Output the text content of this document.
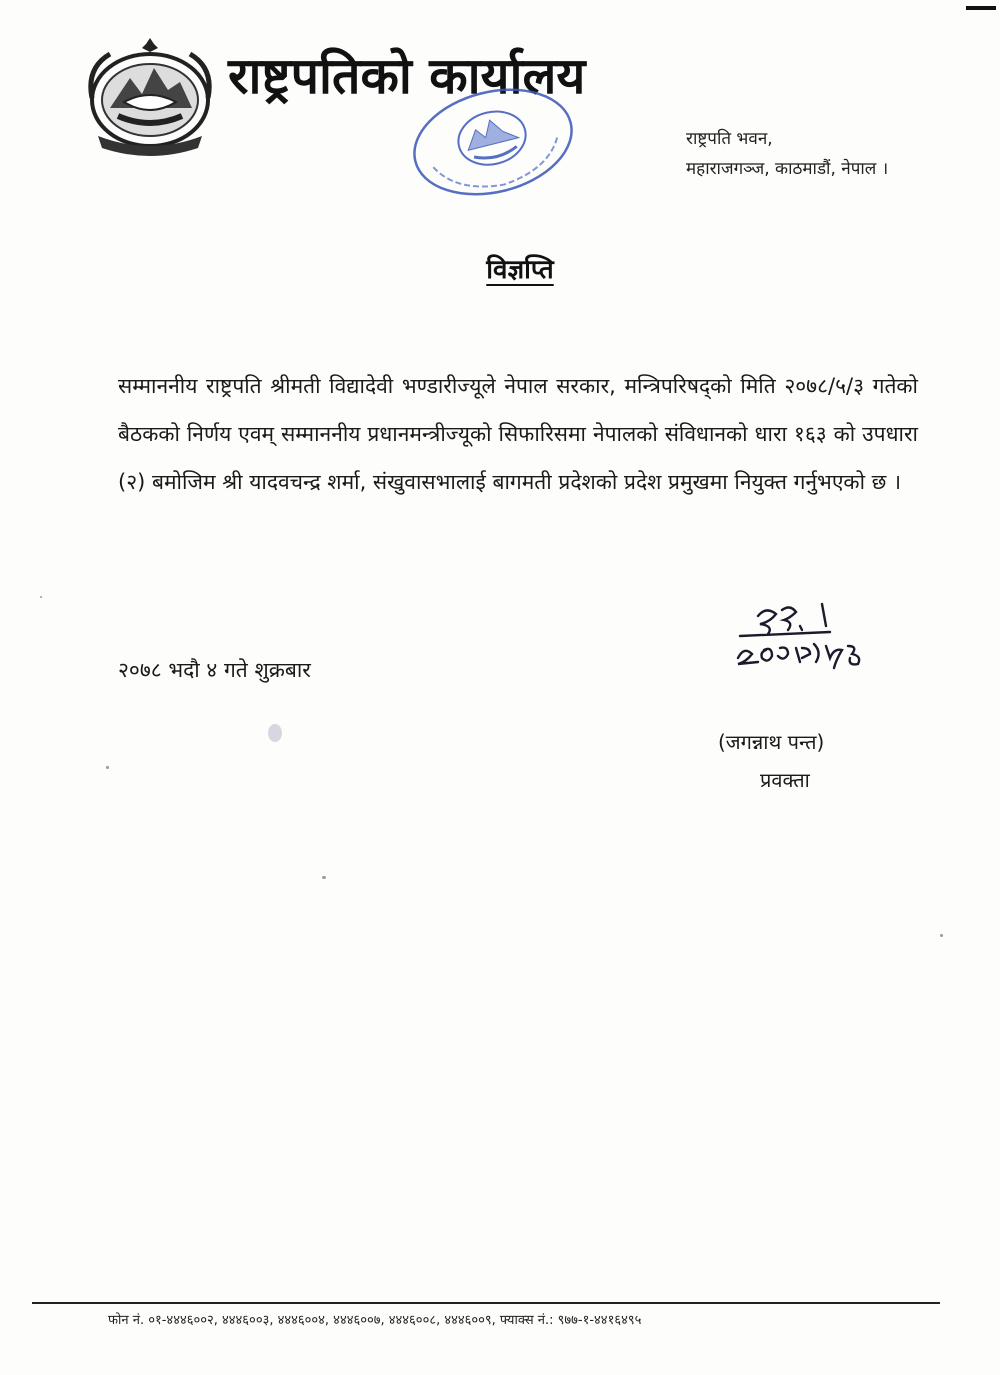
राष्ट्रपतिको कार्यालय
राष्ट्रपति भवन,
महाराजगञ्ज, काठमाडौं, नेपाल ।
विज्ञप्ति
सम्माननीय राष्ट्रपति श्रीमती विद्यादेवी भण्डारीज्यूले नेपाल सरकार, मन्त्रिपरिषद्को मिति २०७८/५/३ गतेको बैठकको निर्णय एवम् सम्माननीय प्रधानमन्त्रीज्यूको सिफारिसमा नेपालको संविधानको धारा १६३ को उपधारा (२) बमोजिम श्री यादवचन्द्र शर्मा, संखुवासभालाई बागमती प्रदेशको प्रदेश प्रमुखमा नियुक्त गर्नुभएको छ ।
२०७८ भदौ ४ गते शुक्रबार
(जगन्नाथ पन्त)
प्रवक्ता
फोन नं. ०१-४४४६००२, ४४४६००३, ४४४६००४, ४४४६००७, ४४४६००८, ४४४६००९, फ्याक्स नं.: ९७७-१-४४१६४९५
